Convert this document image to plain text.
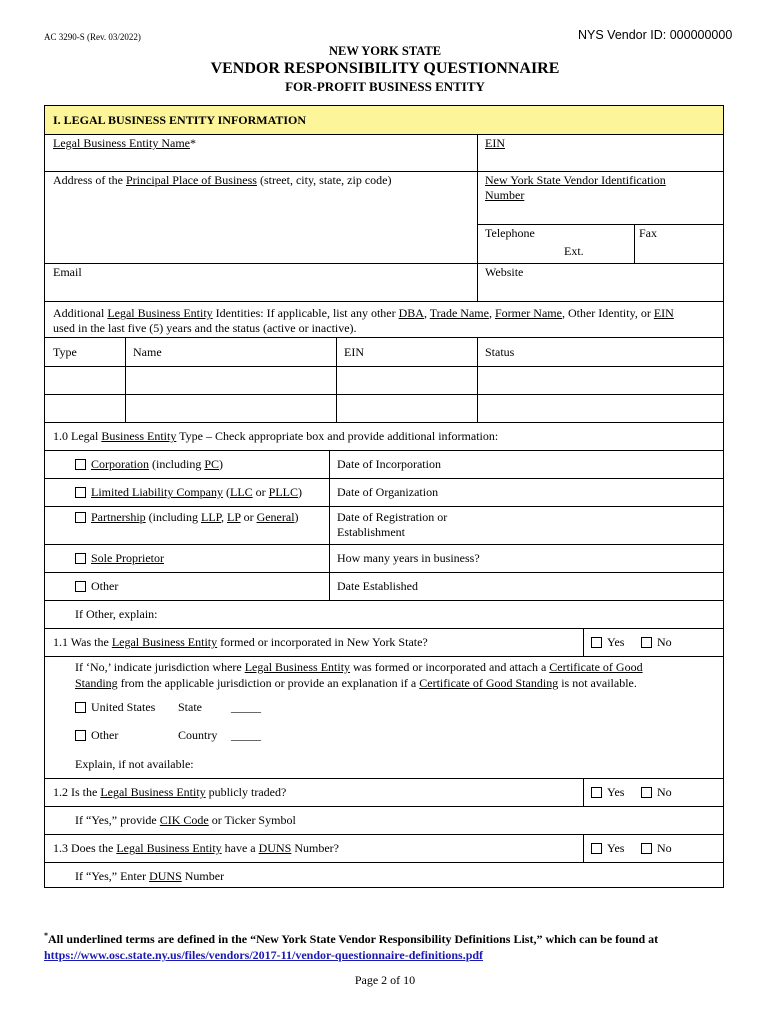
AC 3290-S (Rev. 03/2022)	NYS Vendor ID: 000000000
NEW YORK STATE
VENDOR RESPONSIBILITY QUESTIONNAIRE
FOR-PROFIT BUSINESS ENTITY
I. LEGAL BUSINESS ENTITY INFORMATION
Legal Business Entity Name*	EIN
Address of the Principal Place of Business (street, city, state, zip code)	New York State Vendor Identification
Number
Telephone
Ext.
Fax
Email	Website
Additional Legal Business Entity Identities: If applicable, list any other DBA, Trade Name, Former Name, Other Identity, or EIN
used in the last five (5) years and the status (active or inactive).
Type	Name	EIN	Status
1.0 Legal Business Entity Type – Check appropriate box and provide additional information:
Corporation (including PC)	Date of Incorporation
Limited Liability Company (LLC or PLLC)	Date of Organization
Partnership (including LLP, LP or General)	Date of Registration or
Establishment
Sole Proprietor	How many years in business?
Other	Date Established
If Other, explain:
1.1 Was the Legal Business Entity formed or incorporated in New York State?	Yes	No
If ‘No,’ indicate jurisdiction where Legal Business Entity was formed or incorporated and attach a Certificate of Good
Standing from the applicable jurisdiction or provide an explanation if a Certificate of Good Standing is not available.
United States State _____
Other	Country _____
Explain, if not available:
1.2 Is the Legal Business Entity publicly traded?	Yes	No
If “Yes,” provide CIK Code or Ticker Symbol
1.3 Does the Legal Business Entity have a DUNS Number?	Yes	No
If “Yes,” Enter DUNS Number
*All underlined terms are defined in the “New York State Vendor Responsibility Definitions List,” which can be found at
https://www.osc.state.ny.us/files/vendors/2017-11/vendor-questionnaire-definitions.pdf
Page 2 of 10
